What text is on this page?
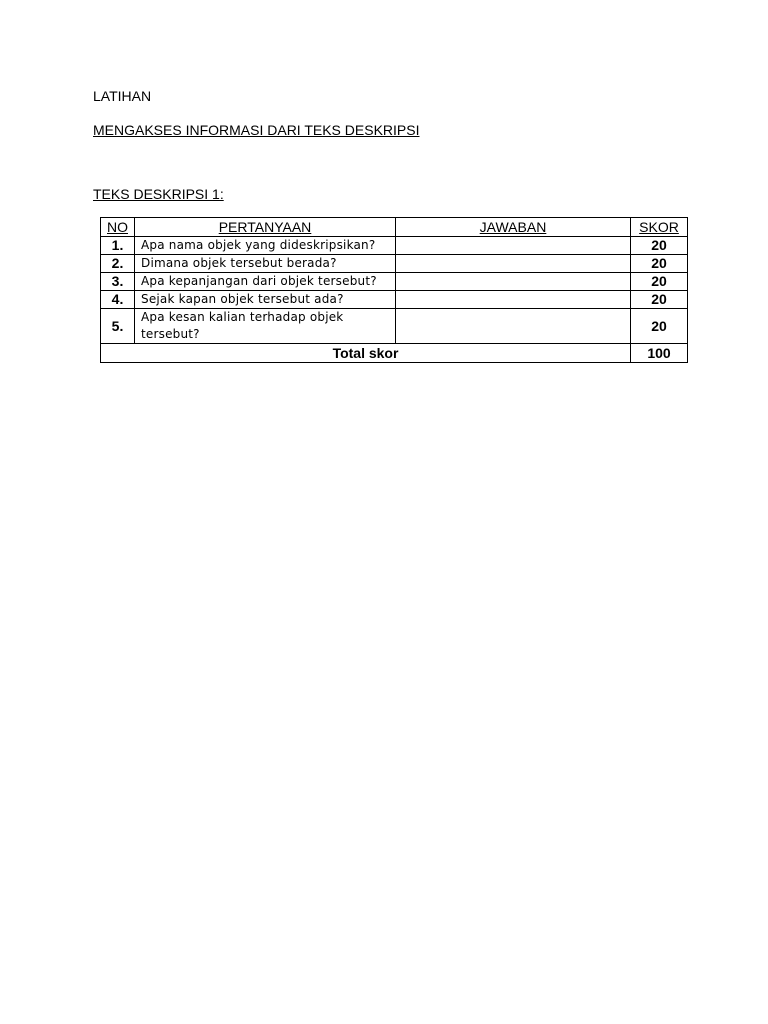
LATIHAN

MENGAKSES INFORMASI DARI TEKS DESKRIPSI

TEKS DESKRIPSI 1:

NO	PERTANYAAN	JAWABAN	SKOR
1.	Apa nama objek yang dideskripsikan?		20
2.	Dimana objek tersebut berada?		20
3.	Apa kepanjangan dari objek tersebut?		20
4.	Sejak kapan objek tersebut ada?		20
5.	Apa kesan kalian terhadap objek tersebut?		20
Total skor			100
